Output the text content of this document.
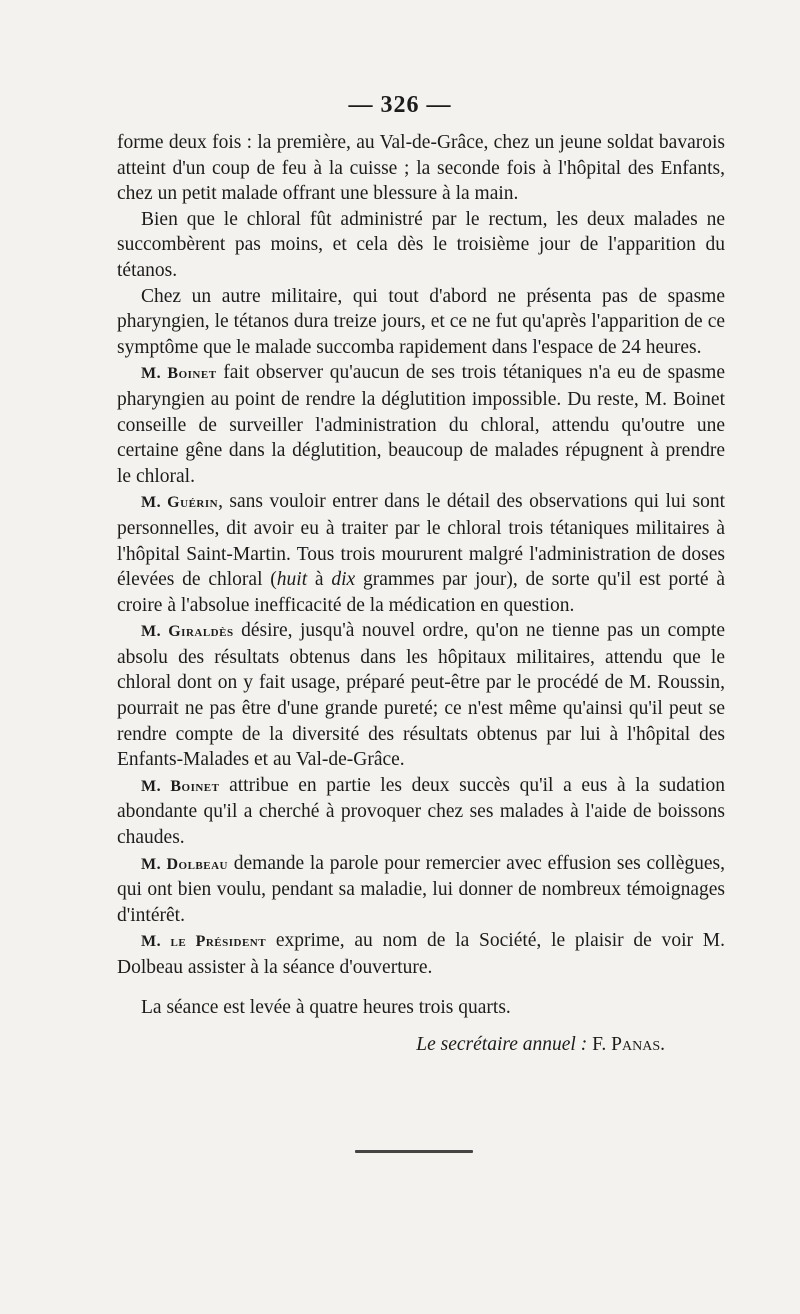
— 326 —

forme deux fois : la première, au Val-de-Grâce, chez un jeune soldat bavarois atteint d'un coup de feu à la cuisse ; la seconde fois à l'hôpital des Enfants, chez un petit malade offrant une blessure à la main.

Bien que le chloral fût administré par le rectum, les deux malades ne succombèrent pas moins, et cela dès le troisième jour de l'apparition du tétanos.

Chez un autre militaire, qui tout d'abord ne présenta pas de spasme pharyngien, le tétanos dura treize jours, et ce ne fut qu'après l'apparition de ce symptôme que le malade succomba rapidement dans l'espace de 24 heures.

M. Boinet fait observer qu'aucun de ses trois tétaniques n'a eu de spasme pharyngien au point de rendre la déglutition impossible. Du reste, M. Boinet conseille de surveiller l'administration du chloral, attendu qu'outre une certaine gêne dans la déglutition, beaucoup de malades répugnent à prendre le chloral.

M. Guérin, sans vouloir entrer dans le détail des observations qui lui sont personnelles, dit avoir eu à traiter par le chloral trois tétaniques militaires à l'hôpital Saint-Martin. Tous trois moururent malgré l'administration de doses élevées de chloral (huit à dix grammes par jour), de sorte qu'il est porté à croire à l'absolue inefficacité de la médication en question.

M. Giraldès désire, jusqu'à nouvel ordre, qu'on ne tienne pas un compte absolu des résultats obtenus dans les hôpitaux militaires, attendu que le chloral dont on y fait usage, préparé peut-être par le procédé de M. Roussin, pourrait ne pas être d'une grande pureté; ce n'est même qu'ainsi qu'il peut se rendre compte de la diversité des résultats obtenus par lui à l'hôpital des Enfants-Malades et au Val-de-Grâce.

M. Boinet attribue en partie les deux succès qu'il a eus à la sudation abondante qu'il a cherché à provoquer chez ses malades à l'aide de boissons chaudes.

M. Dolbeau demande la parole pour remercier avec effusion ses collègues, qui ont bien voulu, pendant sa maladie, lui donner de nombreux témoignages d'intérêt.

M. le Président exprime, au nom de la Société, le plaisir de voir M. Dolbeau assister à la séance d'ouverture.

La séance est levée à quatre heures trois quarts.

Le secrétaire annuel : F. Panas.
